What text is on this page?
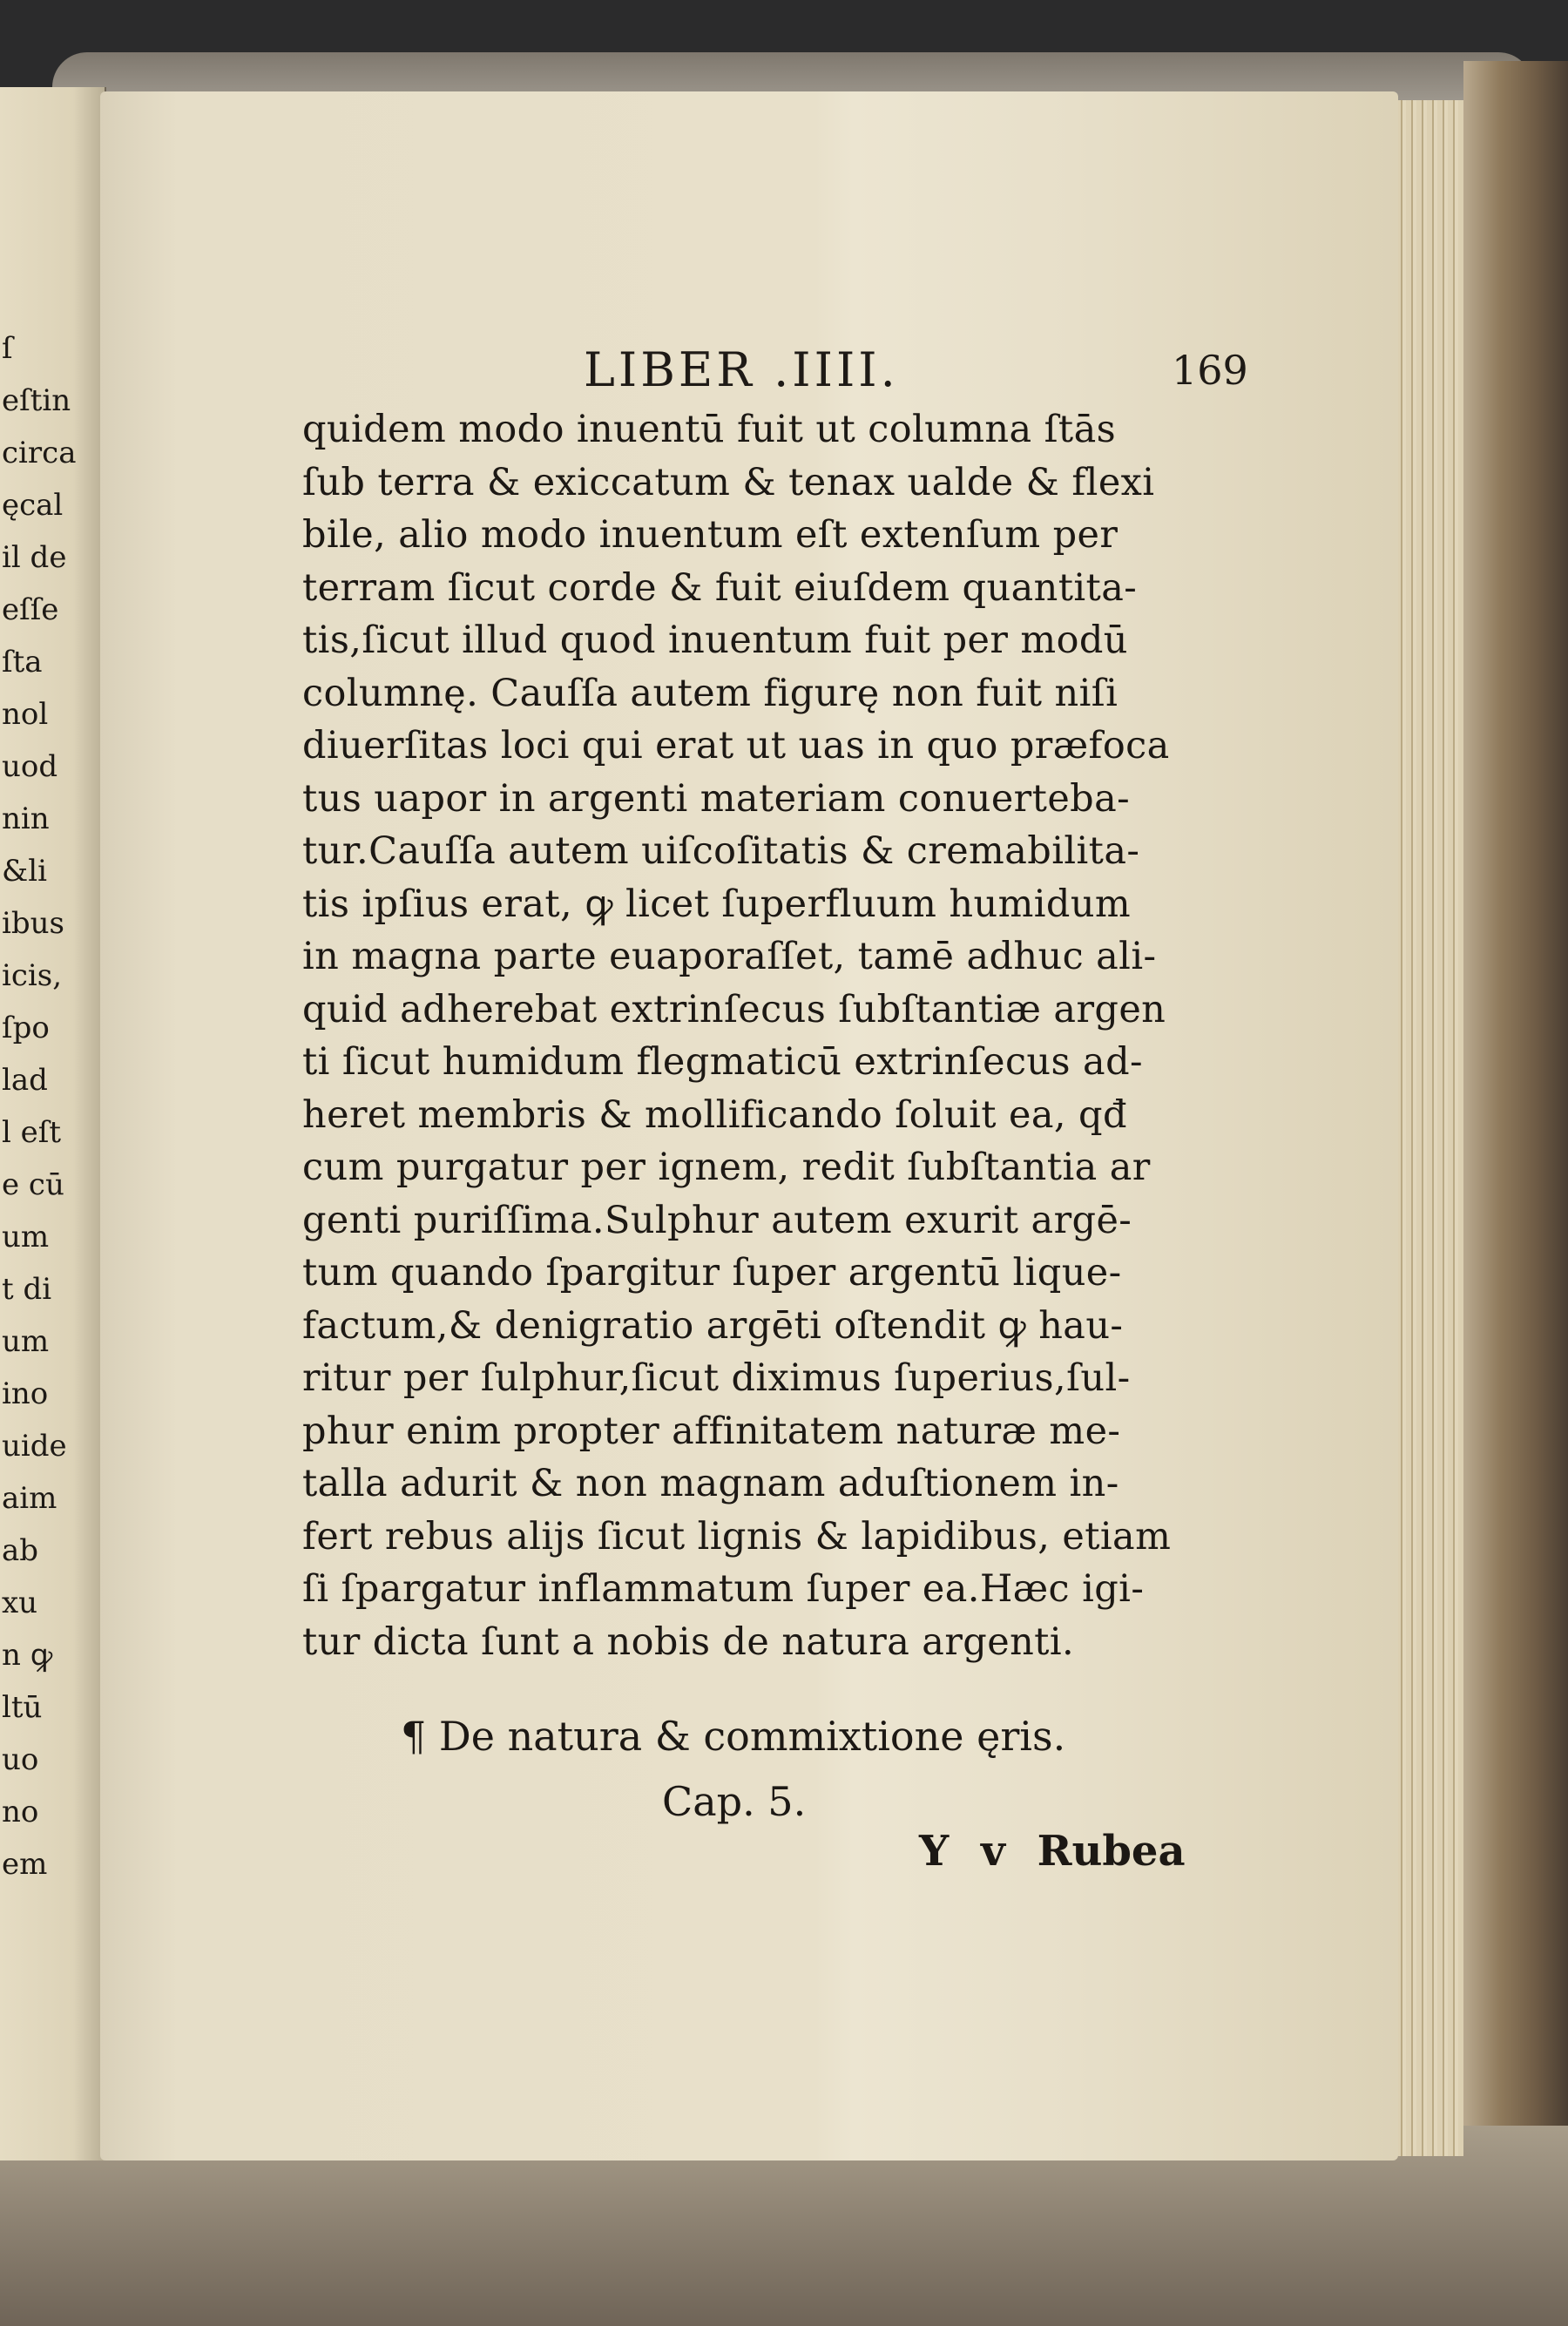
ſ
eſtin
circa
ęcal
il de
eſſe
ſta
nol
uod
nin
&li
ibus
icis,
ſpo
lad
l eſt
e cū
um
t di
um
ino
uide
aim
ab
xu
n ꝙ
ltū
uo
no
em
LIBER .IIII.	169
quidem modo inuentū fuit ut columna ſtās
ſub terra & exiccatum & tenax ualde & flexi
bile, alio modo inuentum eſt extenſum per
terram ſicut corde & fuit eiuſdem quantita-
tis,ſicut illud quod inuentum fuit per modū
columnę. Cauſſa autem figurę non fuit niſi
diuerſitas loci qui erat ut uas in quo præfoca
tus uapor in argenti materiam conuerteba-
tur.Cauſſa autem uiſcoſitatis & cremabilita-
tis ipſius erat, ꝙ licet ſuperfluum humidum
in magna parte euaporaſſet, tamē adhuc ali-
quid adherebat extrinſecus ſubſtantiæ argen
ti ſicut humidum flegmaticū extrinſecus ad-
heret membris & mollificando ſoluit ea, qđ
cum purgatur per ign͏em, redit ſubſtantia ar
genti puriſſima.Sulphur autem exurit argē-
tum quando ſpargitur ſuper argentū lique-
factum,& denigratio argēti oſtendit ꝙ hau-
ritur per ſulphur,ſicut diximus ſuperius,ſul-
phur enim propter affinitatem naturæ me-
talla adurit & non magnam aduſtionem in-
fert rebus alijs ſicut lignis & lapidibus, etiam
ſi ſpargatur inflammatum ſuper ea.Hæc igi-
tur dicta ſunt a nobis de natura argenti.
¶ De natura & commixtione ęris.
Cap. 5.
Y v Rubea
